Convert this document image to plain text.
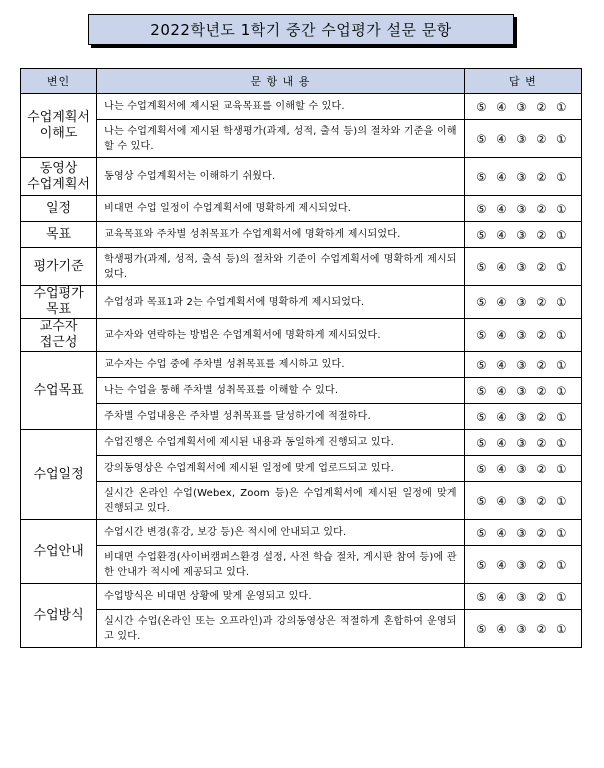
2022학년도 1학기 중간 수업평가 설문 문항
변인	문 항 내 용	답 변

수업계획서
이해도	나는 수업계획서에 제시된 교육목표를 이해할 수 있다.	⑤ ④ ③ ② ①
	나는 수업계획서에 제시된 학생평가(과제, 성적, 출석 등)의 절차와 기준을 이해할 수 있다.	⑤ ④ ③ ② ①

동영상
수업계획서	동영상 수업계획서는 이해하기 쉬웠다.	⑤ ④ ③ ② ①

일정	비대면 수업 일정이 수업계획서에 명확하게 제시되었다.	⑤ ④ ③ ② ①

목표	교육목표와 주차별 성취목표가 수업계획서에 명확하게 제시되었다.	⑤ ④ ③ ② ①

평가기준	학생평가(과제, 성적, 출석 등)의 절차와 기준이 수업계획서에 명확하게 제시되었다.	⑤ ④ ③ ② ①

수업평가
목표	수업성과 목표1과 2는 수업계획서에 명확하게 제시되었다.	⑤ ④ ③ ② ①

교수자
접근성	교수자와 연락하는 방법은 수업계획서에 명확하게 제시되었다.	⑤ ④ ③ ② ①

수업목표	교수자는 수업 중에 주차별 성취목표를 제시하고 있다.	⑤ ④ ③ ② ①
	나는 수업을 통해 주차별 성취목표를 이해할 수 있다.	⑤ ④ ③ ② ①
	주차별 수업내용은 주차별 성취목표를 달성하기에 적절하다.	⑤ ④ ③ ② ①

수업일정	수업진행은 수업계획서에 제시된 내용과 동일하게 진행되고 있다.	⑤ ④ ③ ② ①
	강의동영상은 수업계획서에 제시된 일정에 맞게 업로드되고 있다.	⑤ ④ ③ ② ①
	실시간 온라인 수업(Webex, Zoom 등)은 수업계획서에 제시된 일정에 맞게 진행되고 있다.	⑤ ④ ③ ② ①

수업안내	수업시간 변경(휴강, 보강 등)은 적시에 안내되고 있다.	⑤ ④ ③ ② ①
	비대면 수업환경(사이버캠퍼스환경 설정, 사전 학습 절차, 게시판 참여 등)에 관한 안내가 적시에 제공되고 있다.	⑤ ④ ③ ② ①

수업방식	수업방식은 비대면 상황에 맞게 운영되고 있다.	⑤ ④ ③ ② ①
	실시간 수업(온라인 또는 오프라인)과 강의동영상은 적절하게 혼합하여 운영되고 있다.	⑤ ④ ③ ② ①
